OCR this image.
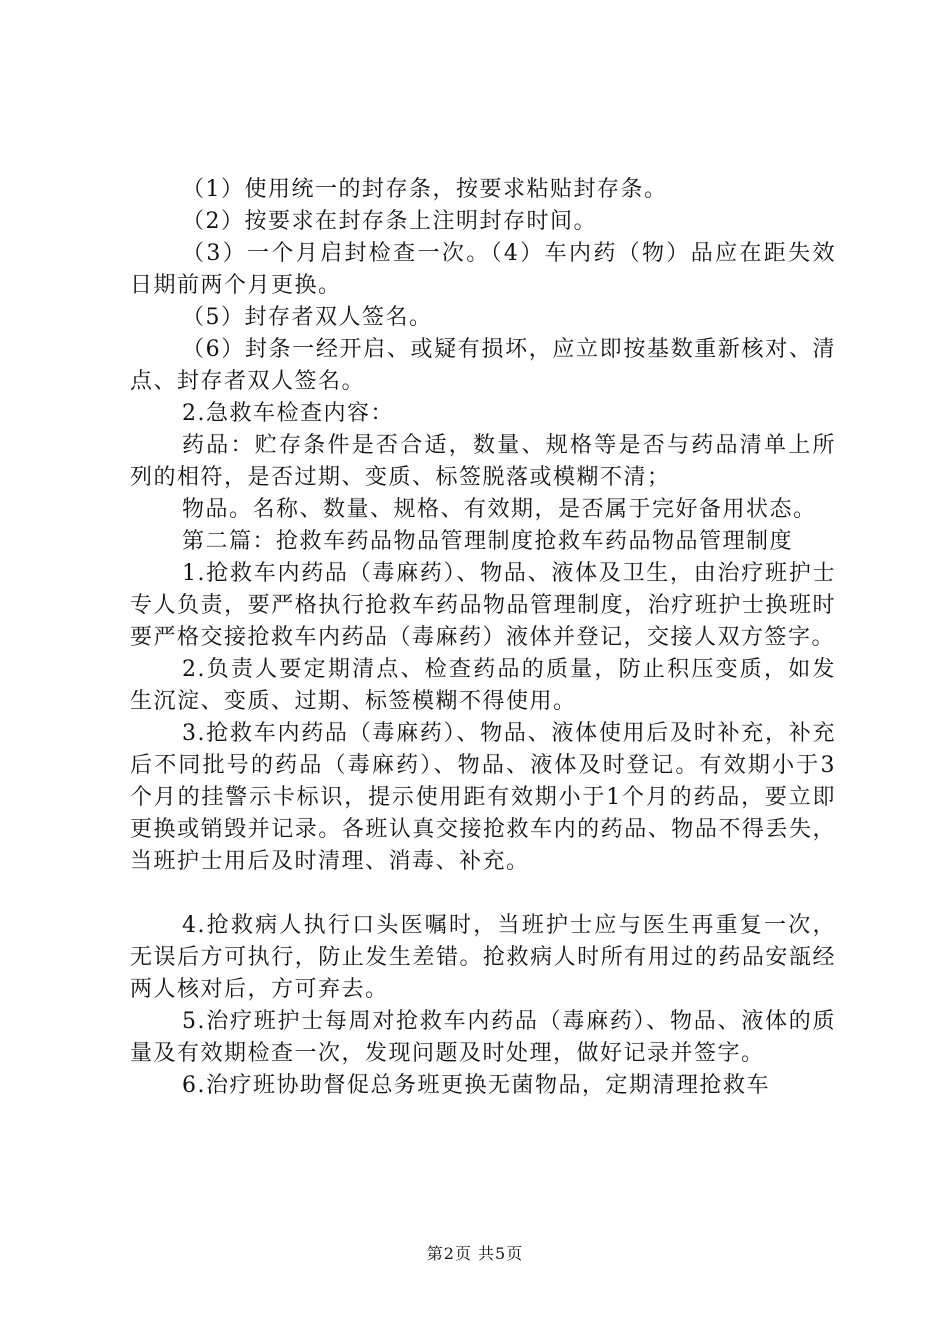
（1）使用统一的封存条，按要求粘贴封存条。

（2）按要求在封存条上注明封存时间。

（3）一个月启封检查一次。（4）车内药（物）品应在距失效日期前两个月更换。

（5）封存者双人签名。

（6）封条一经开启、或疑有损坏，应立即按基数重新核对、清点、封存者双人签名。

2.急救车检查内容：

药品：贮存条件是否合适，数量、规格等是否与药品清单上所列的相符，是否过期、变质、标签脱落或模糊不清；

物品。名称、数量、规格、有效期，是否属于完好备用状态。

第二篇：抢救车药品物品管理制度抢救车药品物品管理制度

1.抢救车内药品（毒麻药）、物品、液体及卫生，由治疗班护士专人负责，要严格执行抢救车药品物品管理制度，治疗班护士换班时要严格交接抢救车内药品（毒麻药）液体并登记，交接人双方签字。

2.负责人要定期清点、检查药品的质量，防止积压变质，如发生沉淀、变质、过期、标签模糊不得使用。

3.抢救车内药品（毒麻药）、物品、液体使用后及时补充，补充后不同批号的药品（毒麻药）、物品、液体及时登记。有效期小于3个月的挂警示卡标识，提示使用距有效期小于1个月的药品，要立即更换或销毁并记录。各班认真交接抢救车内的药品、物品不得丢失，当班护士用后及时清理、消毒、补充。

4.抢救病人执行口头医嘱时，当班护士应与医生再重复一次，无误后方可执行，防止发生差错。抢救病人时所有用过的药品安瓿经两人核对后，方可弃去。

5.治疗班护士每周对抢救车内药品（毒麻药）、物品、液体的质量及有效期检查一次，发现问题及时处理，做好记录并签字。

6.治疗班协助督促总务班更换无菌物品，定期清理抢救车

第2页 共5页
